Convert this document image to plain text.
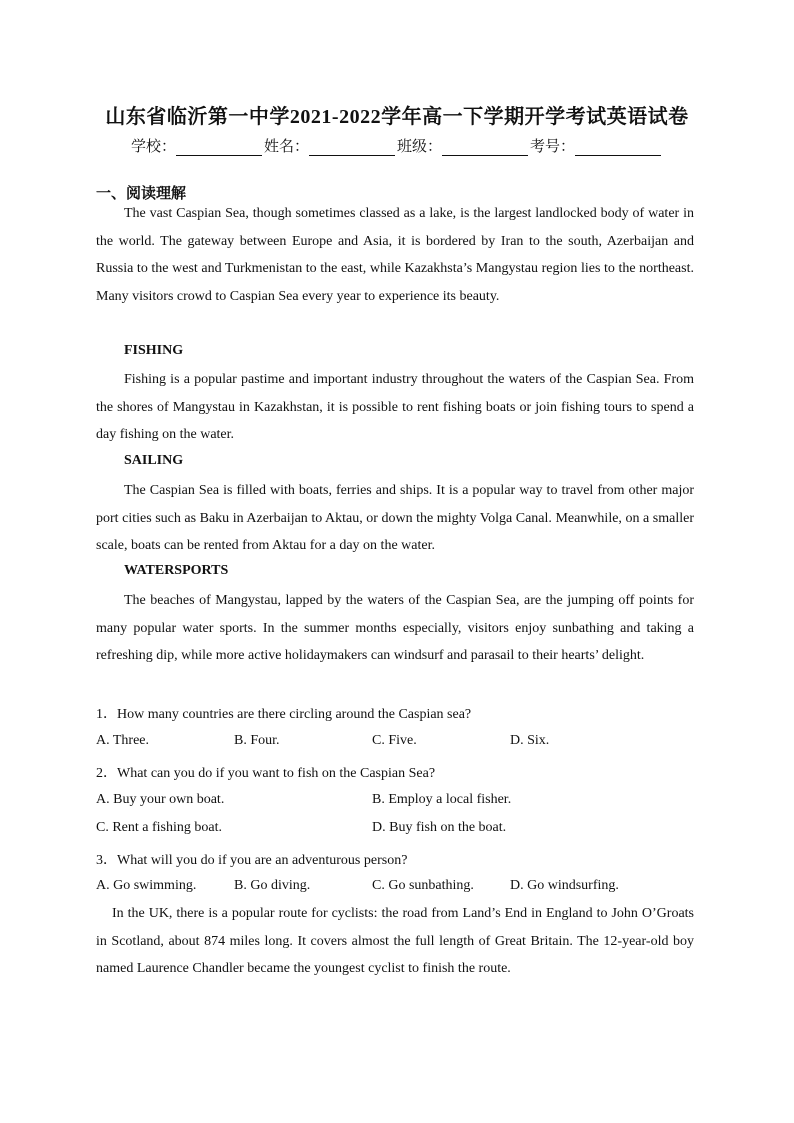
山东省临沂第一中学2021-2022学年高一下学期开学考试英语试卷
学校：	姓名：	班级：	考号：
一、阅读理解

The vast Caspian Sea, though sometimes classed as a lake, is the largest landlocked body of water in the world. The gateway between Europe and Asia, it is bordered by Iran to the south, Azerbaijan and Russia to the west and Turkmenistan to the east, while Kazakhsta’s Mangystau region lies to the northeast. Many visitors crowd to Caspian Sea every year to experience its beauty.

FISHING

Fishing is a popular pastime and important industry throughout the waters of the Caspian Sea. From the shores of Mangystau in Kazakhstan, it is possible to rent fishing boats or join fishing tours to spend a day fishing on the water.

SAILING

The Caspian Sea is filled with boats, ferries and ships. It is a popular way to travel from other major port cities such as Baku in Azerbaijan to Aktau, or down the mighty Volga Canal. Meanwhile, on a smaller scale, boats can be rented from Aktau for a day on the water.

WATERSPORTS

The beaches of Mangystau, lapped by the waters of the Caspian Sea, are the jumping off points for many popular water sports. In the summer months especially, visitors enjoy sunbathing and taking a refreshing dip, while more active holidaymakers can windsurf and parasail to their hearts’ delight.

1．How many countries are there circling around the Caspian sea?
A. Three.	B. Four.	C. Five.	D. Six.
2．What can you do if you want to fish on the Caspian Sea?
A. Buy your own boat.	B. Employ a local fisher.
C. Rent a fishing boat.	D. Buy fish on the boat.
3．What will you do if you are an adventurous person?
A. Go swimming.	B. Go diving.	C. Go sunbathing.	D. Go windsurfing.

In the UK, there is a popular route for cyclists: the road from Land’s End in England to John O’Groats in Scotland, about 874 miles long. It covers almost the full length of Great Britain. The 12-year-old boy named Laurence Chandler became the youngest cyclist to finish the route.
